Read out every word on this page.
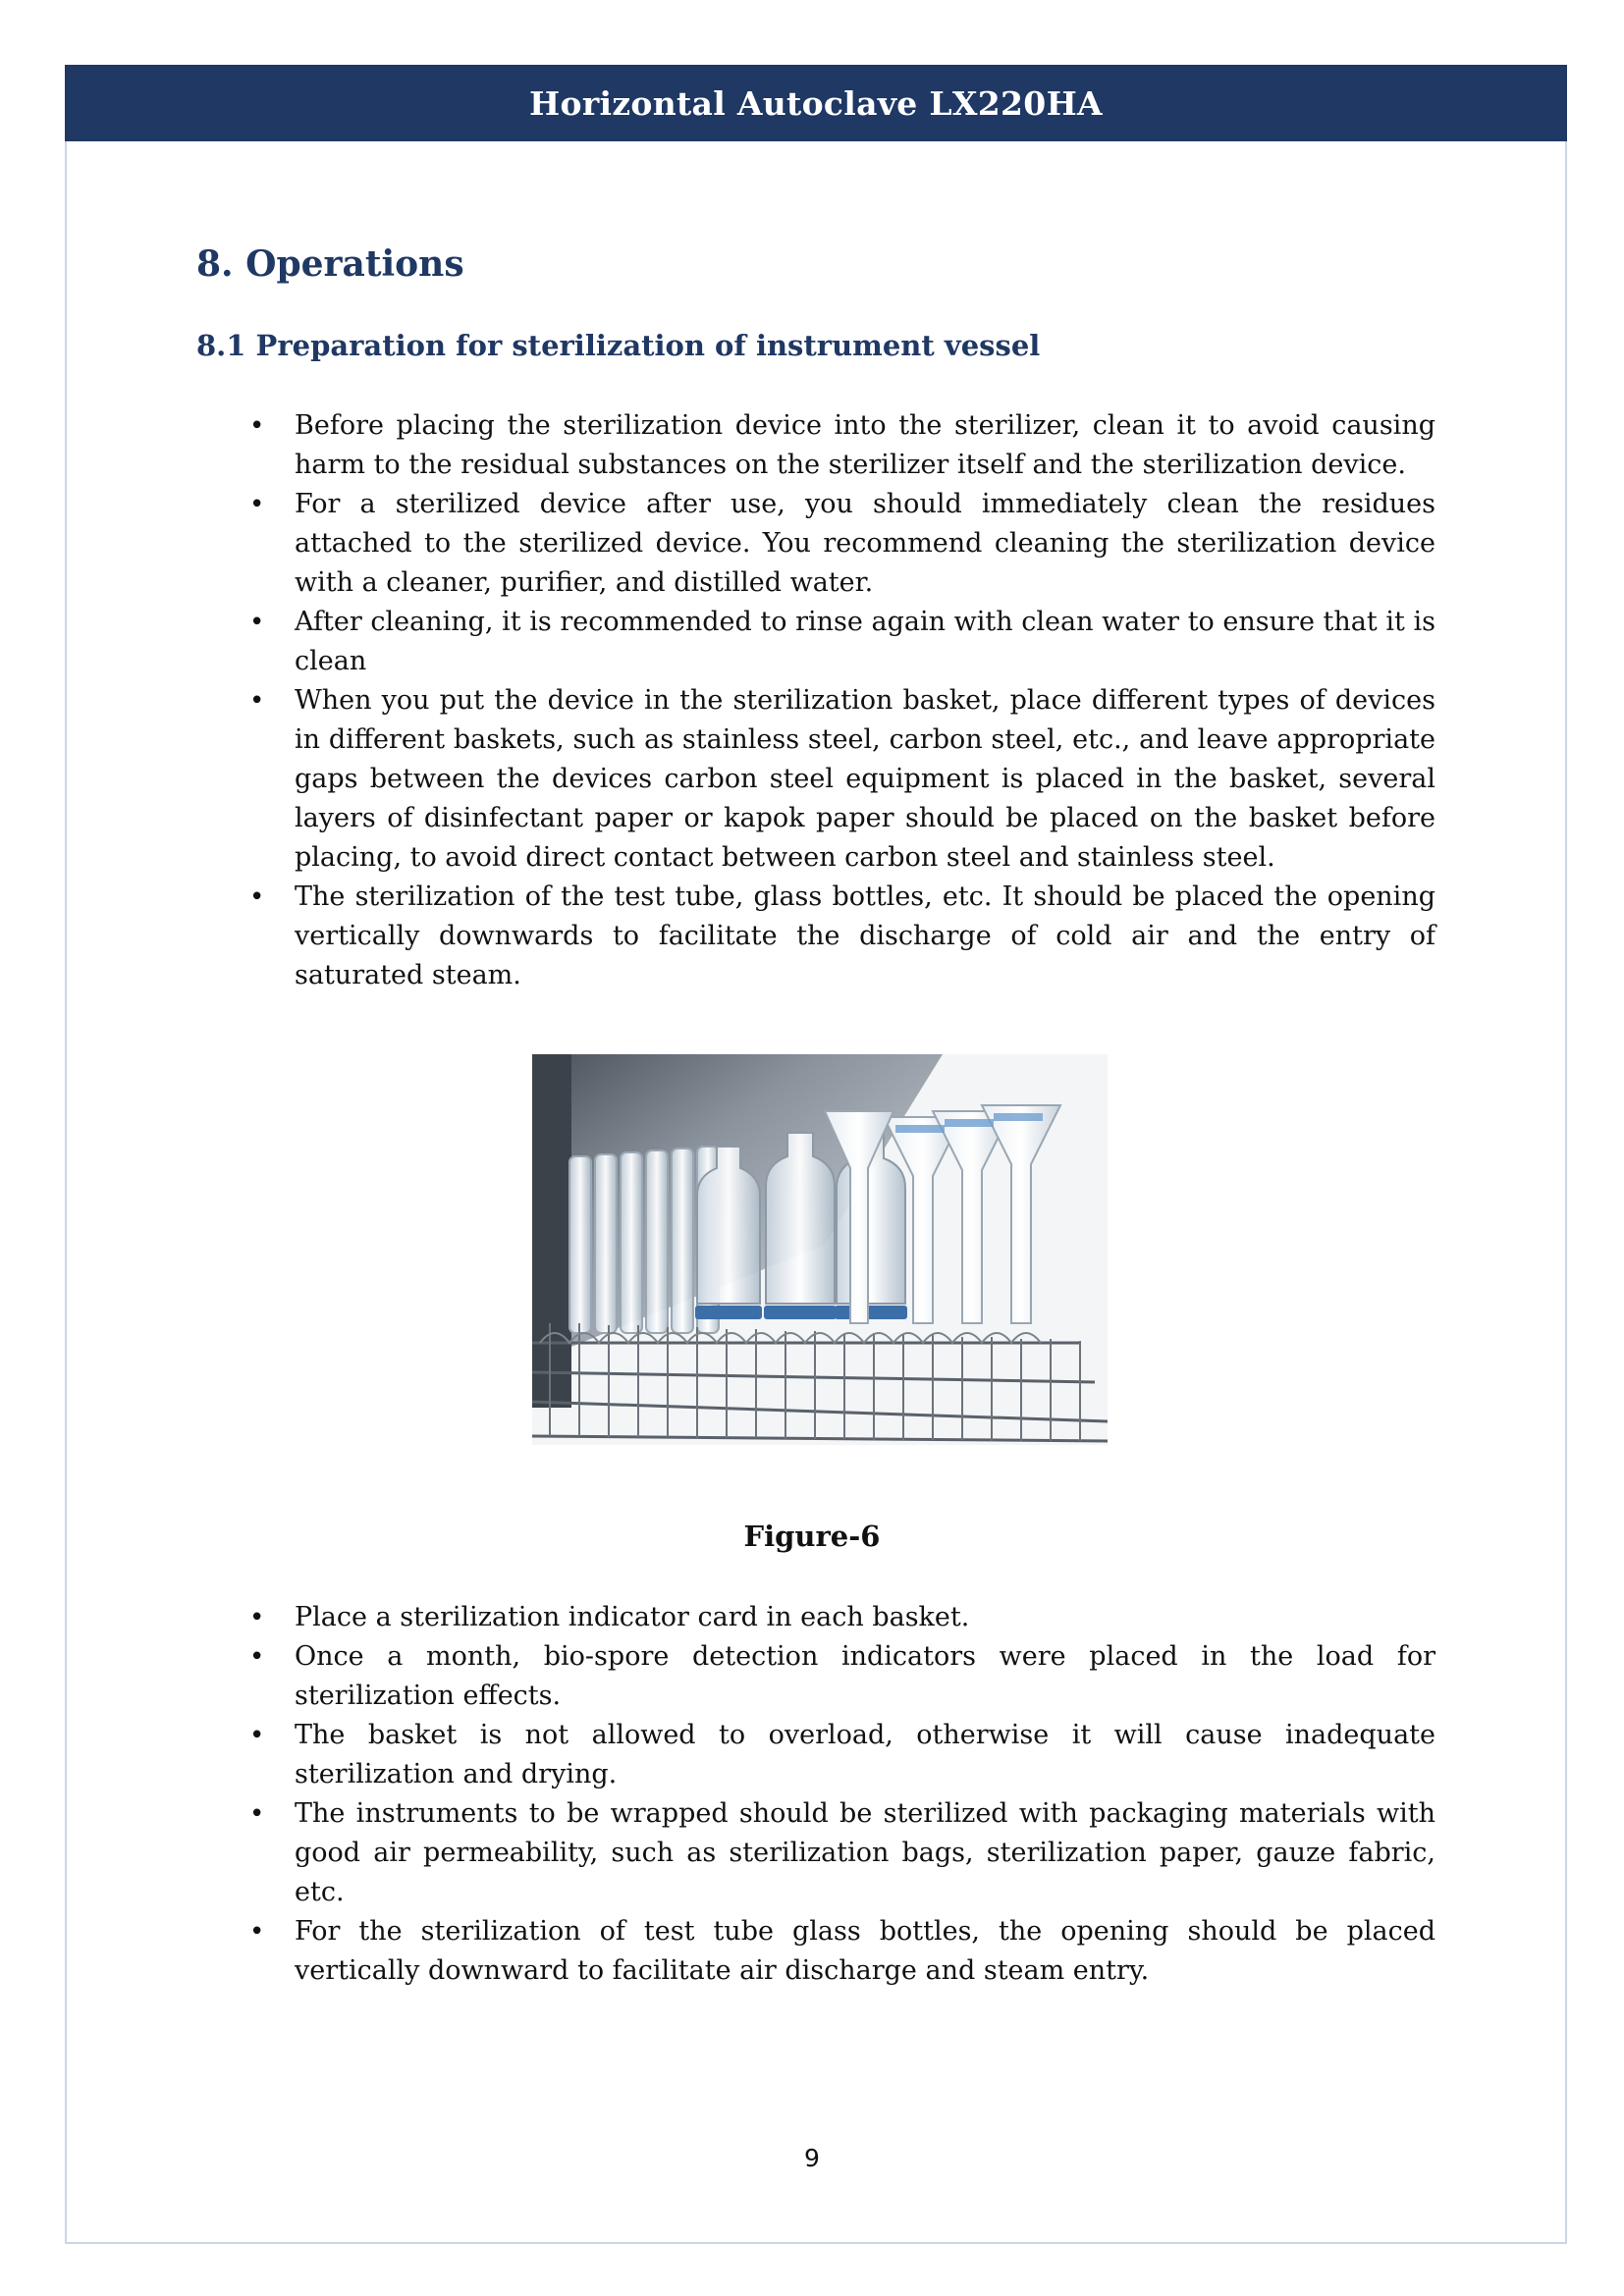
Horizontal Autoclave LX220HA
8. Operations
8.1 Preparation for sterilization of instrument vessel
• Before placing the sterilization device into the sterilizer, clean it to avoid causing harm to the residual substances on the sterilizer itself and the sterilization device.
• For a sterilized device after use, you should immediately clean the residues attached to the sterilized device. You recommend cleaning the sterilization device with a cleaner, purifier, and distilled water.
• After cleaning, it is recommended to rinse again with clean water to ensure that it is clean
• When you put the device in the sterilization basket, place different types of devices in different baskets, such as stainless steel, carbon steel, etc., and leave appropriate gaps between the devices carbon steel equipment is placed in the basket, several layers of disinfectant paper or kapok paper should be placed on the basket before placing, to avoid direct contact between carbon steel and stainless steel.
• The sterilization of the test tube, glass bottles, etc. It should be placed the opening vertically downwards to facilitate the discharge of cold air and the entry of saturated steam.
Figure-6
• Place a sterilization indicator card in each basket.
• Once a month, bio-spore detection indicators were placed in the load for sterilization effects.
• The basket is not allowed to overload, otherwise it will cause inadequate sterilization and drying.
• The instruments to be wrapped should be sterilized with packaging materials with good air permeability, such as sterilization bags, sterilization paper, gauze fabric, etc.
• For the sterilization of test tube glass bottles, the opening should be placed vertically downward to facilitate air discharge and steam entry.
9
